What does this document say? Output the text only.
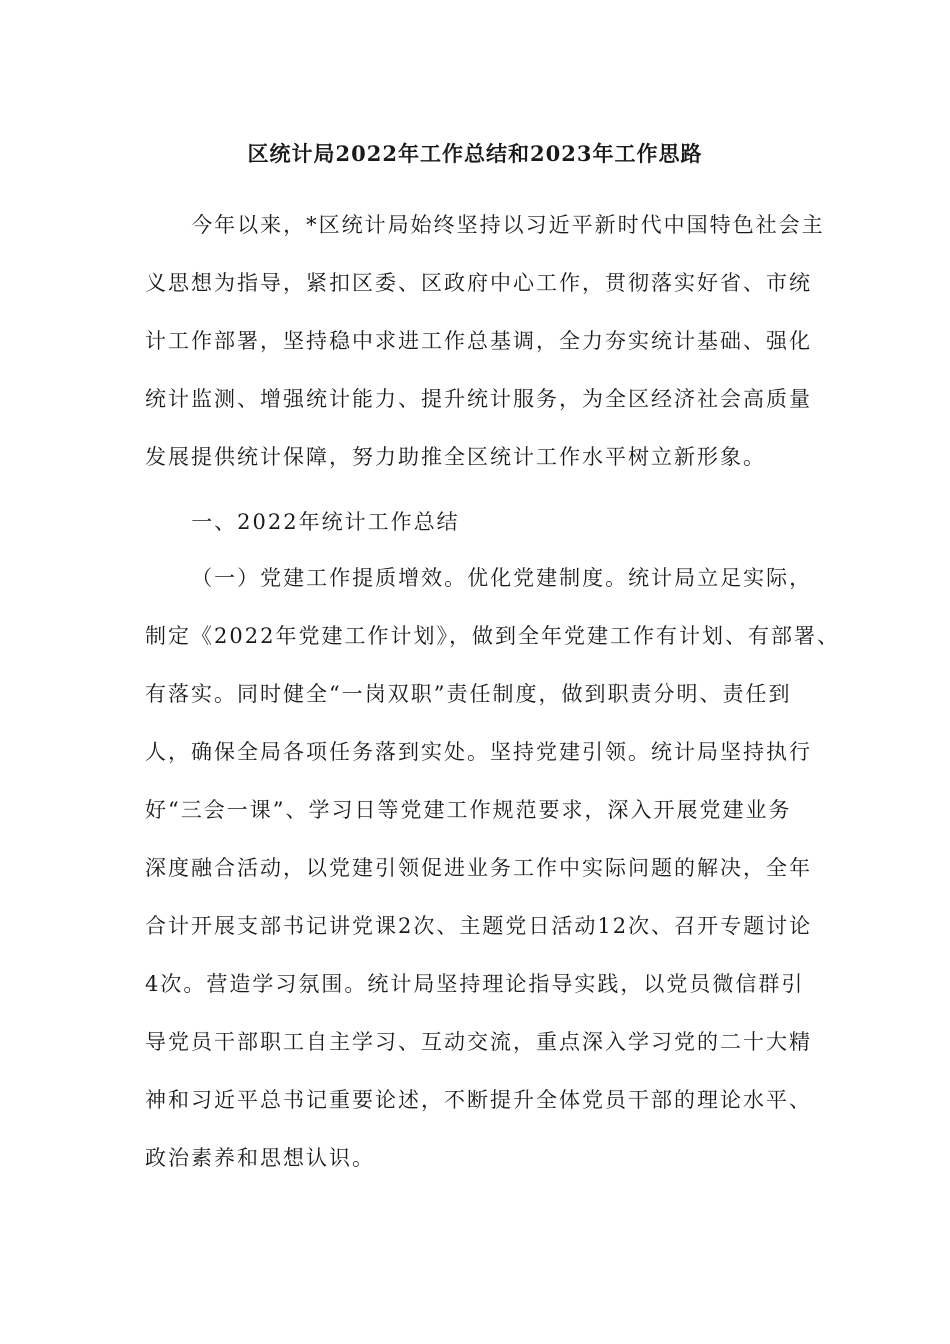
区统计局2022年工作总结和2023年工作思路
今年以来，*区统计局始终坚持以习近平新时代中国特色社会主
义思想为指导，紧扣区委、区政府中心工作，贯彻落实好省、市统
计工作部署，坚持稳中求进工作总基调，全力夯实统计基础、强化
统计监测、增强统计能力、提升统计服务，为全区经济社会高质量
发展提供统计保障，努力助推全区统计工作水平树立新形象。
一、2022年统计工作总结
（一）党建工作提质增效。优化党建制度。统计局立足实际，
制定《2022年党建工作计划》，做到全年党建工作有计划、有部署、
有落实。同时健全“一岗双职”责任制度，做到职责分明、责任到
人，确保全局各项任务落到实处。坚持党建引领。统计局坚持执行
好“三会一课”、学习日等党建工作规范要求，深入开展党建业务
深度融合活动，以党建引领促进业务工作中实际问题的解决，全年
合计开展支部书记讲党课2次、主题党日活动12次、召开专题讨论
4次。营造学习氛围。统计局坚持理论指导实践，以党员微信群引
导党员干部职工自主学习、互动交流，重点深入学习党的二十大精
神和习近平总书记重要论述，不断提升全体党员干部的理论水平、
政治素养和思想认识。
